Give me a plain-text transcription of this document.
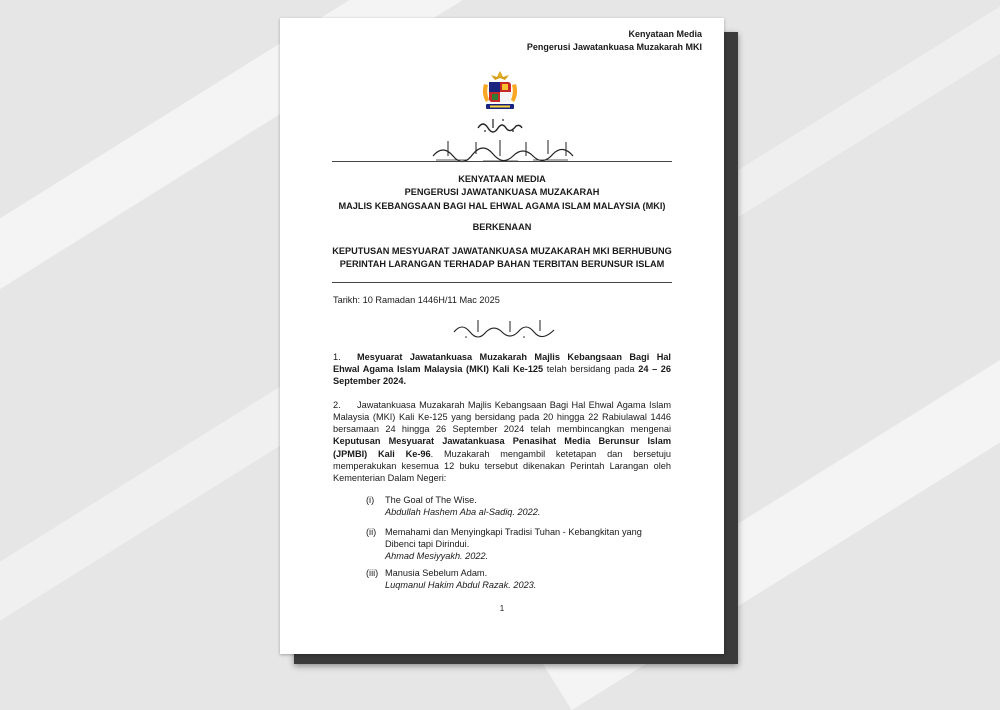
Kenyataan Media
Pengerusi Jawatankuasa Muzakarah MKI
KENYATAAN MEDIA
PENGERUSI JAWATANKUASA MUZAKARAH
MAJLIS KEBANGSAAN BAGI HAL EHWAL AGAMA ISLAM MALAYSIA (MKI)
BERKENAAN
KEPUTUSAN MESYUARAT JAWATANKUASA MUZAKARAH MKI BERHUBUNG
PERINTAH LARANGAN TERHADAP BAHAN TERBITAN BERUNSUR ISLAM
Tarikh: 10 Ramadan 1446H/11 Mac 2025
1. Mesyuarat Jawatankuasa Muzakarah Majlis Kebangsaan Bagi Hal Ehwal Agama Islam Malaysia (MKI) Kali Ke-125 telah bersidang pada 24 – 26 September 2024.
2. Jawatankuasa Muzakarah Majlis Kebangsaan Bagi Hal Ehwal Agama Islam Malaysia (MKI) Kali Ke-125 yang bersidang pada 20 hingga 22 Rabiulawal 1446 bersamaan 24 hingga 26 September 2024 telah membincangkan mengenai Keputusan Mesyuarat Jawatankuasa Penasihat Media Berunsur Islam (JPMBI) Kali Ke-96. Muzakarah mengambil ketetapan dan bersetuju memperakukan kesemua 12 buku tersebut dikenakan Perintah Larangan oleh Kementerian Dalam Negeri:
(i) The Goal of The Wise.
Abdullah Hashem Aba al-Sadiq. 2022.
(ii) Memahami dan Menyingkapi Tradisi Tuhan - Kebangkitan yang Dibenci tapi Dirindui.
Ahmad Mesiyyakh. 2022.
(iii) Manusia Sebelum Adam.
Luqmanul Hakim Abdul Razak. 2023.
1
